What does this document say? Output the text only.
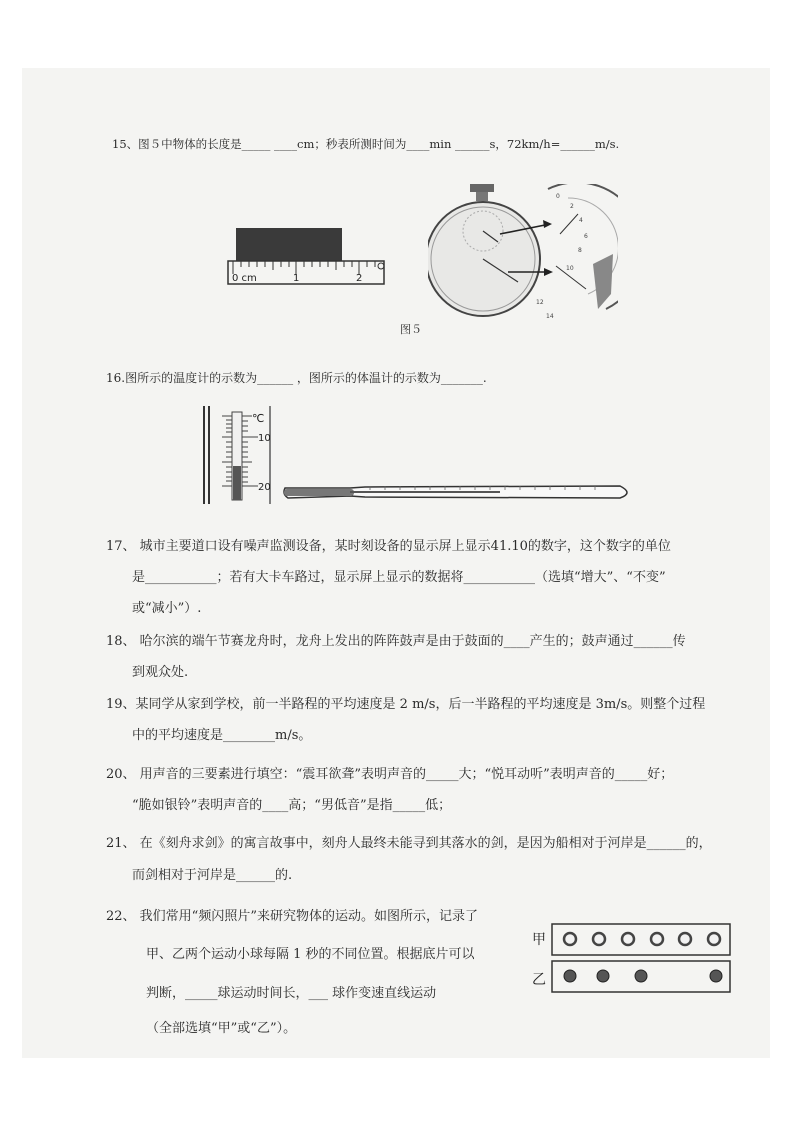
15、图５中物体的长度是_____ ____cm；秒表所测时间为____min ______s，72km/h=______m/s.
0 cm	1	2
0
2
4
6
8
10
12
14
图５
16.图所示的温度计的示数为______ ，图所示的体温计的示数为_______.
℃
10
20
17、 城市主要道口设有噪声监测设备，某时刻设备的显示屏上显示41.10的数字，这个数字的单位
是___________；若有大卡车路过，显示屏上显示的数据将___________（选填“增大”、“不变”
或“减小”）.
18、 哈尔滨的端午节赛龙舟时，龙舟上发出的阵阵鼓声是由于鼓面的____产生的；鼓声通过______传
到观众处.
19、某同学从家到学校，前一半路程的平均速度是 2 m/s，后一半路程的平均速度是 3m/s。则整个过程
中的平均速度是________m/s。
20、 用声音的三要素进行填空：“震耳欲聋”表明声音的_____大；“悦耳动听”表明声音的_____好；
“脆如银铃”表明声音的____高；“男低音”是指_____低；
21、 在《刻舟求剑》的寓言故事中，刻舟人最终未能寻到其落水的剑，是因为船相对于河岸是______的，
而剑相对于河岸是______的.
22、 我们常用“频闪照片”来研究物体的运动。如图所示，记录了
甲、乙两个运动小球每隔 1 秒的不同位置。根据底片可以
判断，_____球运动时间长，___ 球作变速直线运动
（全部选填“甲”或“乙”）。
甲
乙
